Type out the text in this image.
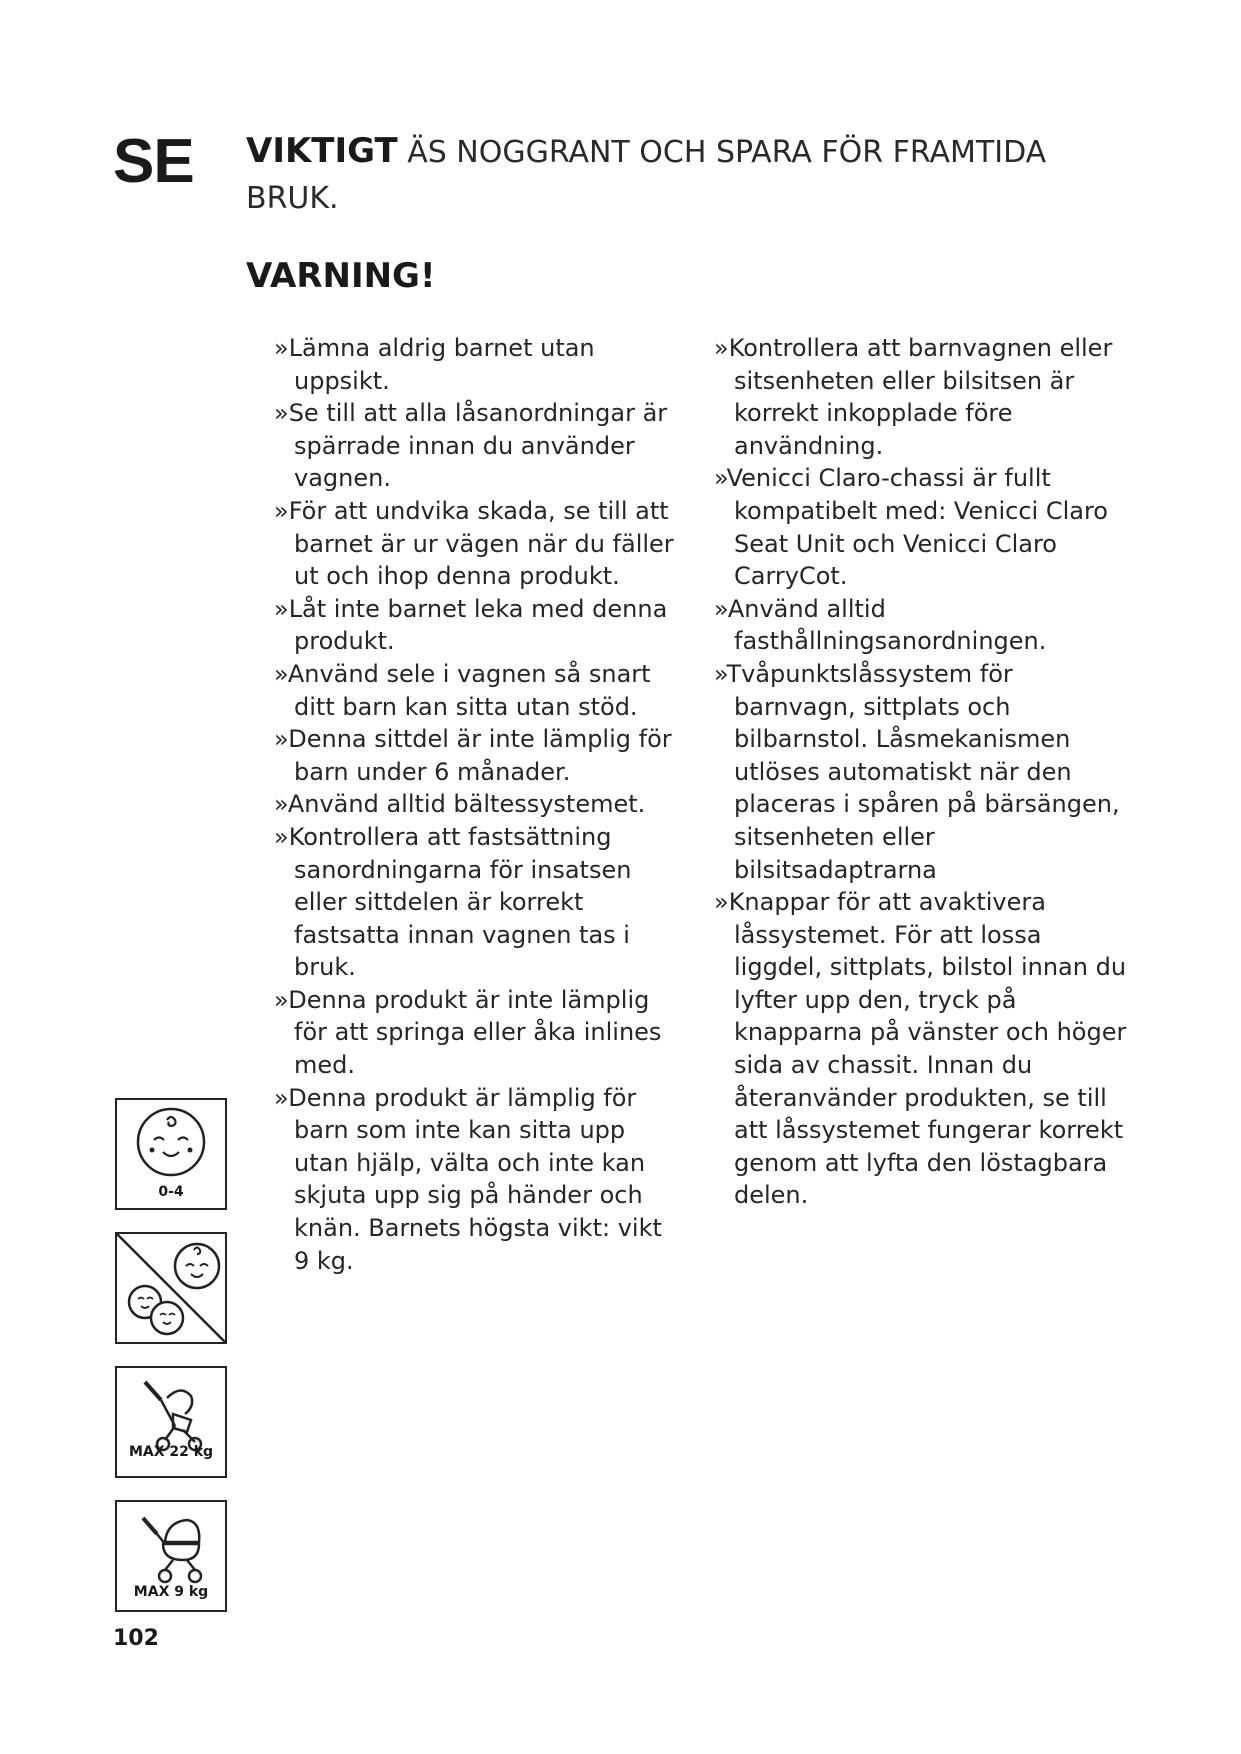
SE VIKTIGT ÄS NOGGRANT OCH SPARA FÖR FRAMTIDA BRUK.
VARNING!
» Lämna aldrig barnet utan uppsikt.
» Se till att alla låsanordningar är spärrade innan du använder vagnen.
» För att undvika skada, se till att barnet är ur vägen när du fäller ut och ihop denna produkt.
» Låt inte barnet leka med denna produkt.
» Använd sele i vagnen så snart ditt barn kan sitta utan stöd.
» Denna sittdel är inte lämplig för barn under 6 månader.
» Använd alltid bältessystemet.
» Kontrollera att fastsättning sanordningarna för insatsen eller sittdelen är korrekt fastsatta innan vagnen tas i bruk.
» Denna produkt är inte lämplig för att springa eller åka inlines med.
» Denna produkt är lämplig för barn som inte kan sitta upp utan hjälp, välta och inte kan skjuta upp sig på händer och knän. Barnets högsta vikt: vikt 9 kg.
» Kontrollera att barnvagnen eller sitsenheten eller bilsitsen är korrekt inkopplade före användning.
» Venicci Claro-chassi är fullt kompatibelt med: Venicci Claro Seat Unit och Venicci Claro CarryCot.
» Använd alltid fasthållningsanordningen.
» Tvåpunktslåssystem för barnvagn, sittplats och bilbarnstol. Låsmekanismen utlöses automatiskt när den placeras i spåren på bärsängen, sitsenheten eller bilsitsadaptrarna
» Knappar för att avaktivera låssystemet. För att lossa liggdel, sittplats, bilstol innan du lyfter upp den, tryck på knapparna på vänster och höger sida av chassit. Innan du återanvänder produkten, se till att låssystemet fungerar korrekt genom att lyfta den löstagbara delen.
0-4
MAX 22 kg
MAX 9 kg
102
